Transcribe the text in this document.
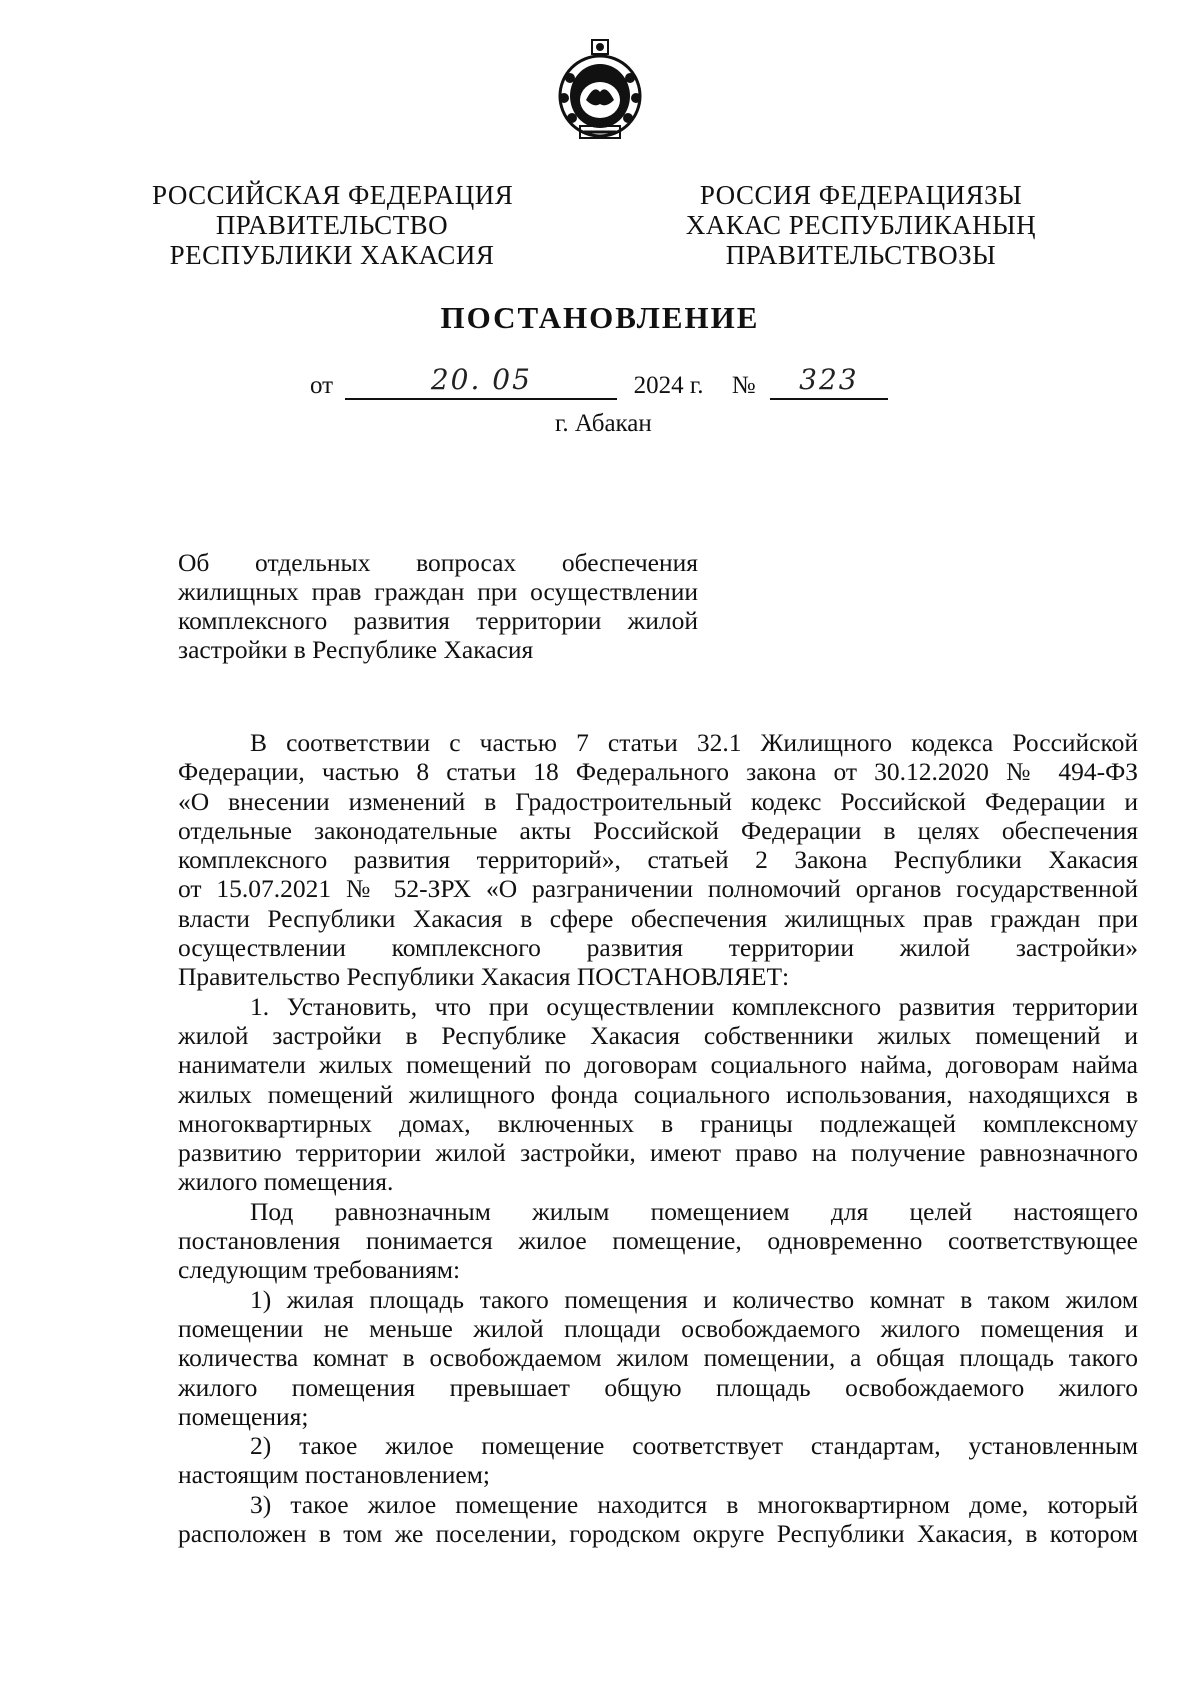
РОССИЙСКАЯ ФЕДЕРАЦИЯ
ПРАВИТЕЛЬСТВО
РЕСПУБЛИКИ ХАКАСИЯ
РОССИЯ ФЕДЕРАЦИЯЗЫ
ХАКАС РЕСПУБЛИКАНЫҢ
ПРАВИТЕЛЬСТВОЗЫ
ПОСТАНОВЛЕНИЕ
от	20. 05	2024 г. №	323
г. Абакан
Об отдельных вопросах обеспечения
жилищных прав граждан при осуществлении
комплексного развития территории жилой
застройки в Республике Хакасия
В соответствии с частью 7 статьи 32.1 Жилищного кодекса Российской
Федерации, частью 8 статьи 18 Федерального закона от 30.12.2020 № 494-ФЗ
«О внесении изменений в Градостроительный кодекс Российской Федерации и
отдельные законодательные акты Российской Федерации в целях обеспечения
комплексного развития территорий», статьей 2 Закона Республики Хакасия
от 15.07.2021 № 52-ЗРХ «О разграничении полномочий органов государственной
власти Республики Хакасия в сфере обеспечения жилищных прав граждан при
осуществлении комплексного развития территории жилой застройки»
Правительство Республики Хакасия ПОСТАНОВЛЯЕТ:
1. Установить, что при осуществлении комплексного развития территории
жилой застройки в Республике Хакасия собственники жилых помещений и
наниматели жилых помещений по договорам социального найма, договорам найма
жилых помещений жилищного фонда социального использования, находящихся в
многоквартирных домах, включенных в границы подлежащей комплексному
развитию территории жилой застройки, имеют право на получение равнозначного
жилого помещения.
Под равнозначным жилым помещением для целей настоящего
постановления понимается жилое помещение, одновременно соответствующее
следующим требованиям:
1) жилая площадь такого помещения и количество комнат в таком жилом
помещении не меньше жилой площади освобождаемого жилого помещения и
количества комнат в освобождаемом жилом помещении, а общая площадь такого
жилого помещения превышает общую площадь освобождаемого жилого
помещения;
2) такое жилое помещение соответствует стандартам, установленным
настоящим постановлением;
3) такое жилое помещение находится в многоквартирном доме, который
расположен в том же поселении, городском округе Республики Хакасия, в котором
